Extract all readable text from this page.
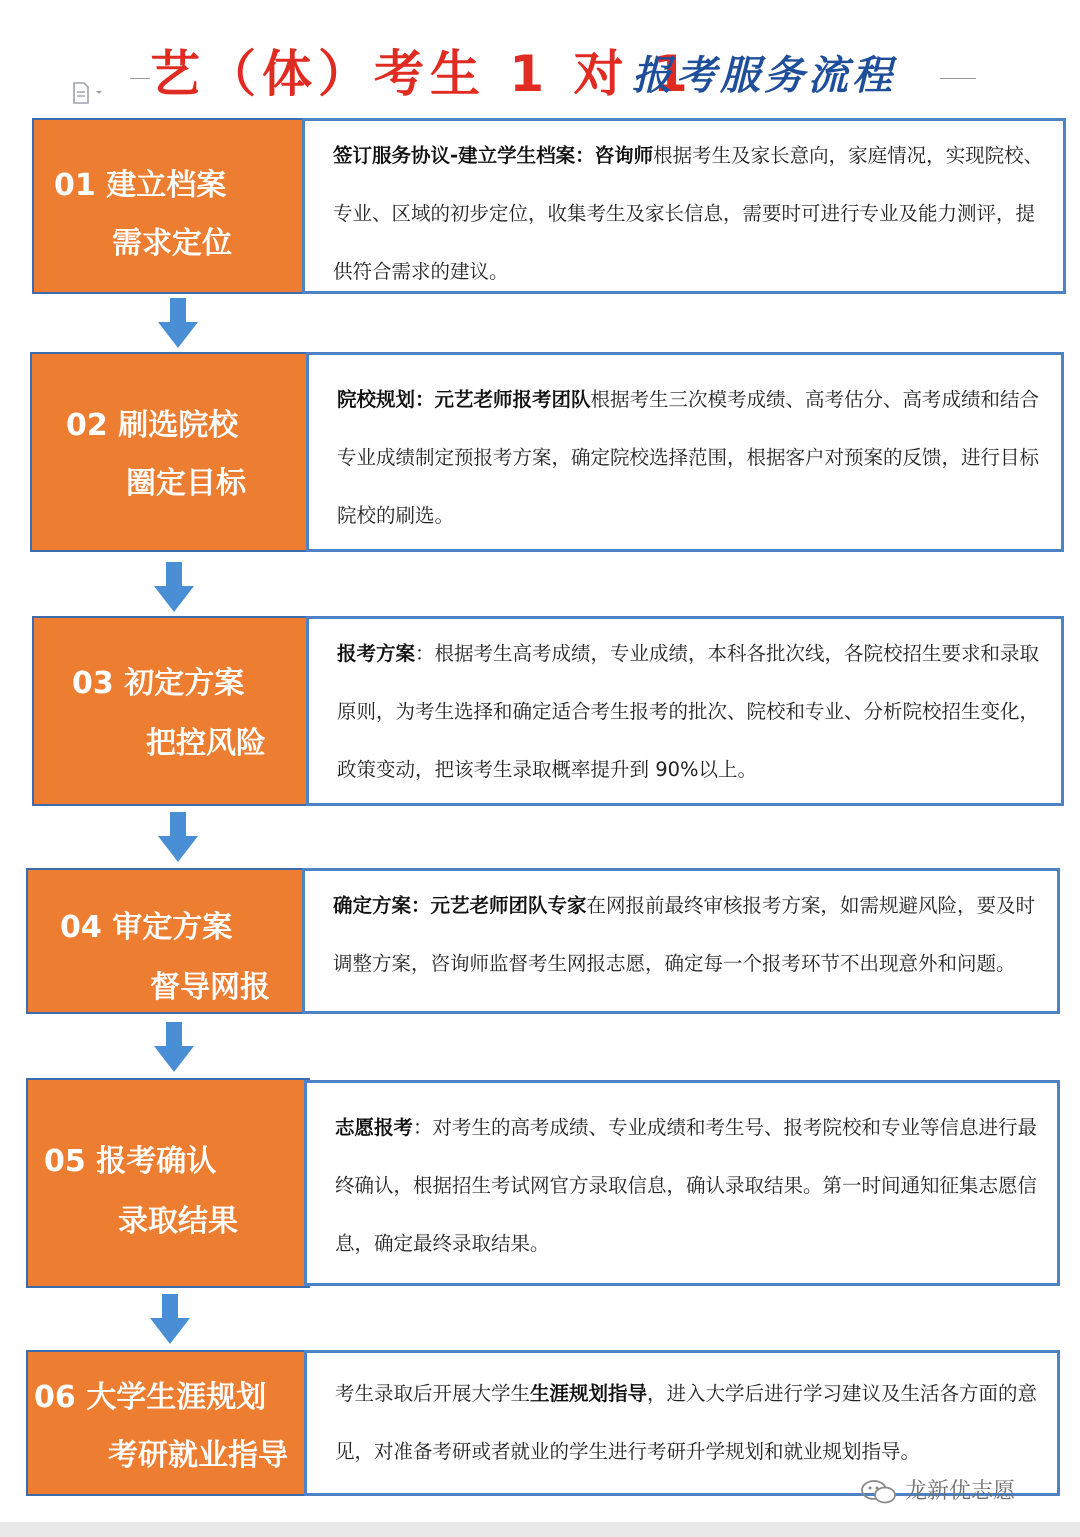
艺（体）考生 1 对 1
报考服务流程
01 建立档案
需求定位
签订服务协议-建立学生档案：咨询师根据考生及家长意向，家庭情况，实现院校、专业、区域的初步定位，收集考生及家长信息，需要时可进行专业及能力测评，提供符合需求的建议。
02 刷选院校
圈定目标
院校规划：元艺老师报考团队根据考生三次模考成绩、高考估分、高考成绩和结合专业成绩制定预报考方案，确定院校选择范围，根据客户对预案的反馈，进行目标院校的刷选。
03 初定方案
把控风险
报考方案：根据考生高考成绩，专业成绩，本科各批次线，各院校招生要求和录取原则，为考生选择和确定适合考生报考的批次、院校和专业、分析院校招生变化，政策变动，把该考生录取概率提升到 90%以上。
04 审定方案
督导网报
确定方案：元艺老师团队专家在网报前最终审核报考方案，如需规避风险，要及时调整方案，咨询师监督考生网报志愿，确定每一个报考环节不出现意外和问题。
05 报考确认
录取结果
志愿报考：对考生的高考成绩、专业成绩和考生号、报考院校和专业等信息进行最终确认，根据招生考试网官方录取信息，确认录取结果。第一时间通知征集志愿信息，确定最终录取结果。
06 大学生涯规划
考研就业指导
考生录取后开展大学生生涯规划指导，进入大学后进行学习建议及生活各方面的意见，对准备考研或者就业的学生进行考研升学规划和就业规划指导。
龙新优志愿
